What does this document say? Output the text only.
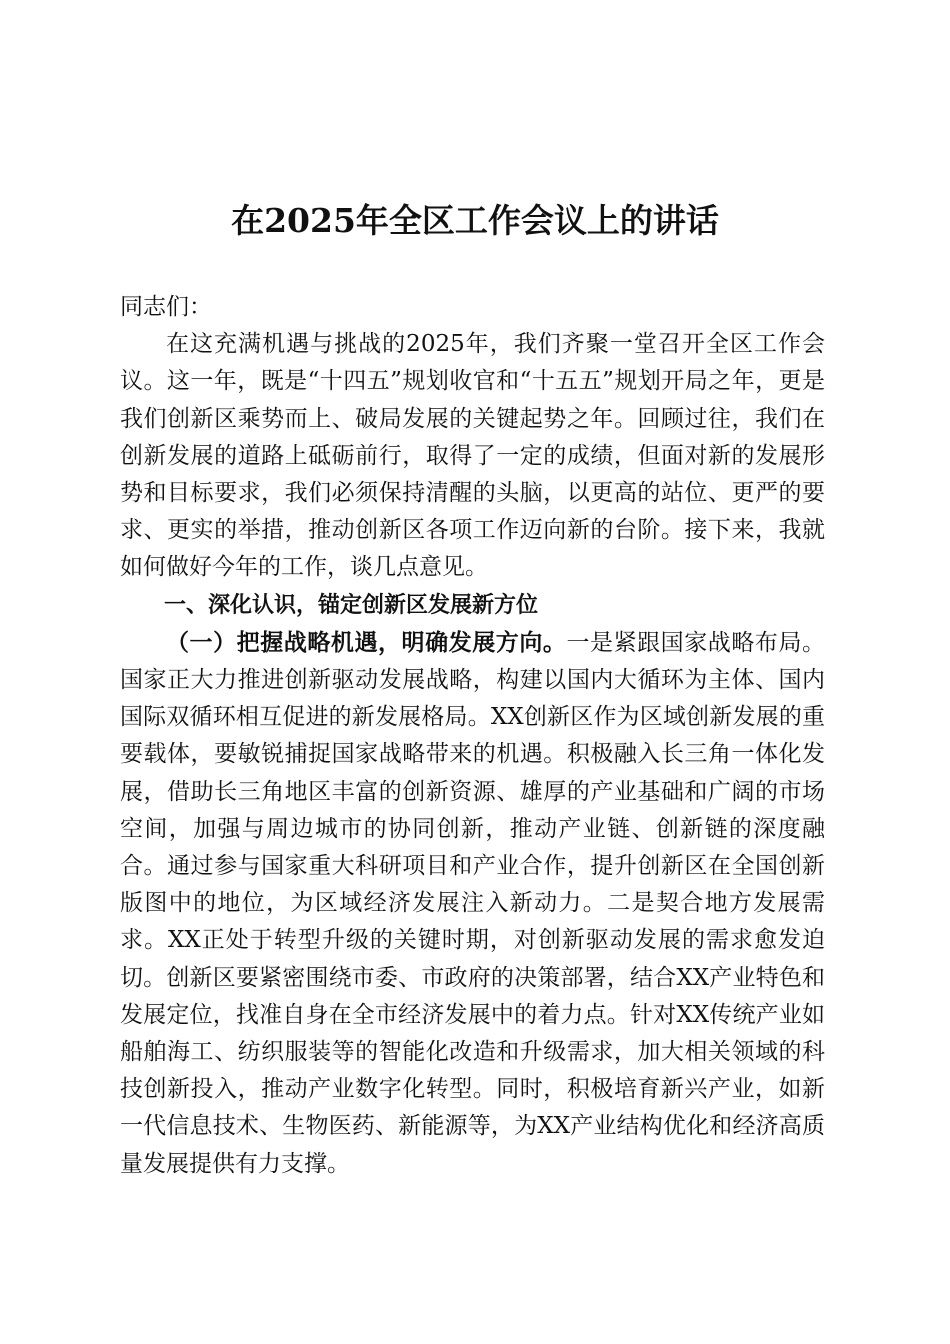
在2025年全区工作会议上的讲话

同志们：

在这充满机遇与挑战的2025年，我们齐聚一堂召开全区工作会议。这一年，既是“十四五”规划收官和“十五五”规划开局之年，更是我们创新区乘势而上、破局发展的关键起势之年。回顾过往，我们在创新发展的道路上砥砺前行，取得了一定的成绩，但面对新的发展形势和目标要求，我们必须保持清醒的头脑，以更高的站位、更严的要求、更实的举措，推动创新区各项工作迈向新的台阶。接下来，我就如何做好今年的工作，谈几点意见。

一、深化认识，锚定创新区发展新方位

（一）把握战略机遇，明确发展方向。一是紧跟国家战略布局。国家正大力推进创新驱动发展战略，构建以国内大循环为主体、国内国际双循环相互促进的新发展格局。XX创新区作为区域创新发展的重要载体，要敏锐捕捉国家战略带来的机遇。积极融入长三角一体化发展，借助长三角地区丰富的创新资源、雄厚的产业基础和广阔的市场空间，加强与周边城市的协同创新，推动产业链、创新链的深度融合。通过参与国家重大科研项目和产业合作，提升创新区在全国创新版图中的地位，为区域经济发展注入新动力。二是契合地方发展需求。XX正处于转型升级的关键时期，对创新驱动发展的需求愈发迫切。创新区要紧密围绕市委、市政府的决策部署，结合XX产业特色和发展定位，找准自身在全市经济发展中的着力点。针对XX传统产业如船舶海工、纺织服装等的智能化改造和升级需求，加大相关领域的科技创新投入，推动产业数字化转型。同时，积极培育新兴产业，如新一代信息技术、生物医药、新能源等，为XX产业结构优化和经济高质量发展提供有力支撑。
